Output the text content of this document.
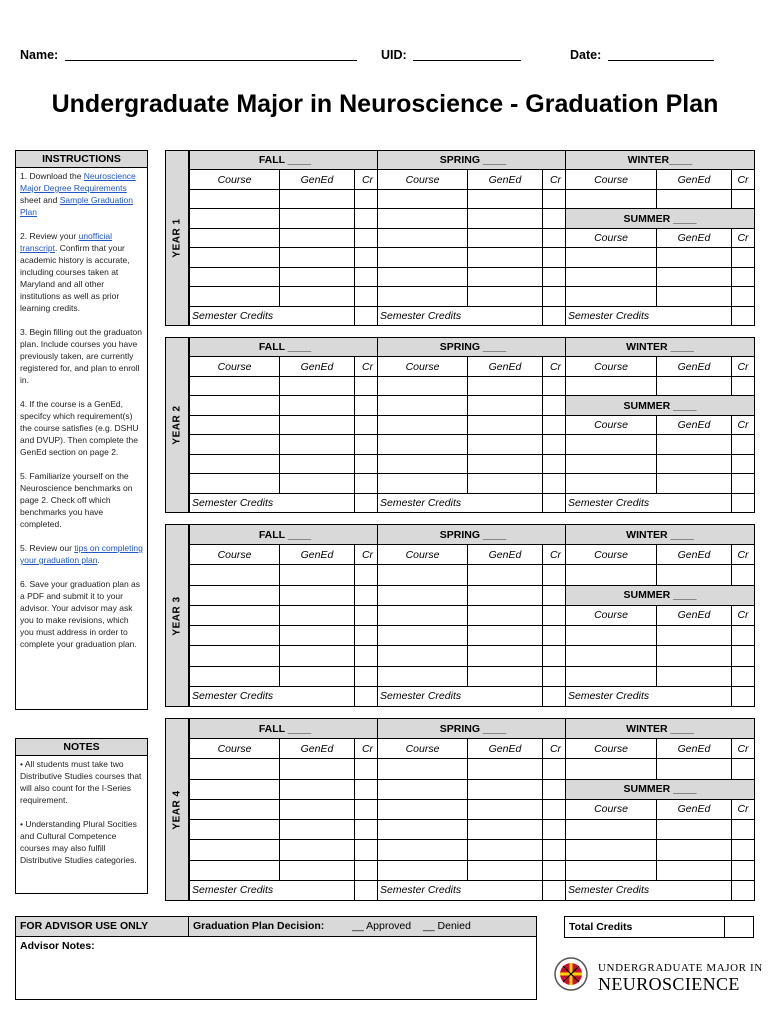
Name:	UID:	Date:
Undergraduate Major in Neuroscience - Graduation Plan
INSTRUCTIONS

1. Download the Neuroscience Major Degree Requirements sheet and Sample Graduation Plan

2. Review your unofficial transcript. Confirm that your academic history is accurate, including courses taken at Maryland and all other institutions as well as prior learning credits.

3. Begin filling out the graduaton plan. Include courses you have previously taken, are currently registered for, and plan to enroll in.

4. If the course is a GenEd, specifcy which requirement(s) the course satisfies (e.g. DSHU and DVUP). Then complete the GenEd section on page 2.

5. Familiarize yourself on the Neuroscience benchmarks on page 2. Check off which benchmarks you have completed.

5. Review our tips on completing your graduation plan.

6. Save your graduation plan as a PDF and submit it to your advisor. Your advisor may ask you to make revisions, which you must address in order to complete your graduation plan.

NOTES

• All students must take two Distributive Studies courses that will also count for the I-Series requirement.

• Understanding Plural Socities and Cultural Competence courses may also fulfill Distributive Studies categories.

YEAR 1
FALL ____		
Course	GenEd	Cr

Semester Credits		
SPRING ____		
Course	GenEd	Cr

Semester Credits		
WINTER____		
Course	GenEd	Cr

SUMMER ____		
Course	GenEd	Cr

Semester Credits		
YEAR 2
FALL ____		
Course	GenEd	Cr

Semester Credits		
SPRING ____		
Course	GenEd	Cr

Semester Credits		
WINTER ____		
Course	GenEd	Cr

SUMMER ____		
Course	GenEd	Cr

Semester Credits		
YEAR 3
FALL ____		
Course	GenEd	Cr

Semester Credits		
SPRING ____		
Course	GenEd	Cr

Semester Credits		
WINTER ____		
Course	GenEd	Cr

SUMMER ____		
Course	GenEd	Cr

Semester Credits		
YEAR 4
FALL ____		
Course	GenEd	Cr

Semester Credits		
SPRING ____		
Course	GenEd	Cr

Semester Credits		
WINTER ____		
Course	GenEd	Cr

SUMMER ____		
Course	GenEd	Cr

Semester Credits		
FOR ADVISOR USE ONLY	Graduation Plan Decision:	__ Approved __ Denied
Advisor Notes:
Total Credits
UNDERGRADUATE MAJOR IN
NEUROSCIENCE
